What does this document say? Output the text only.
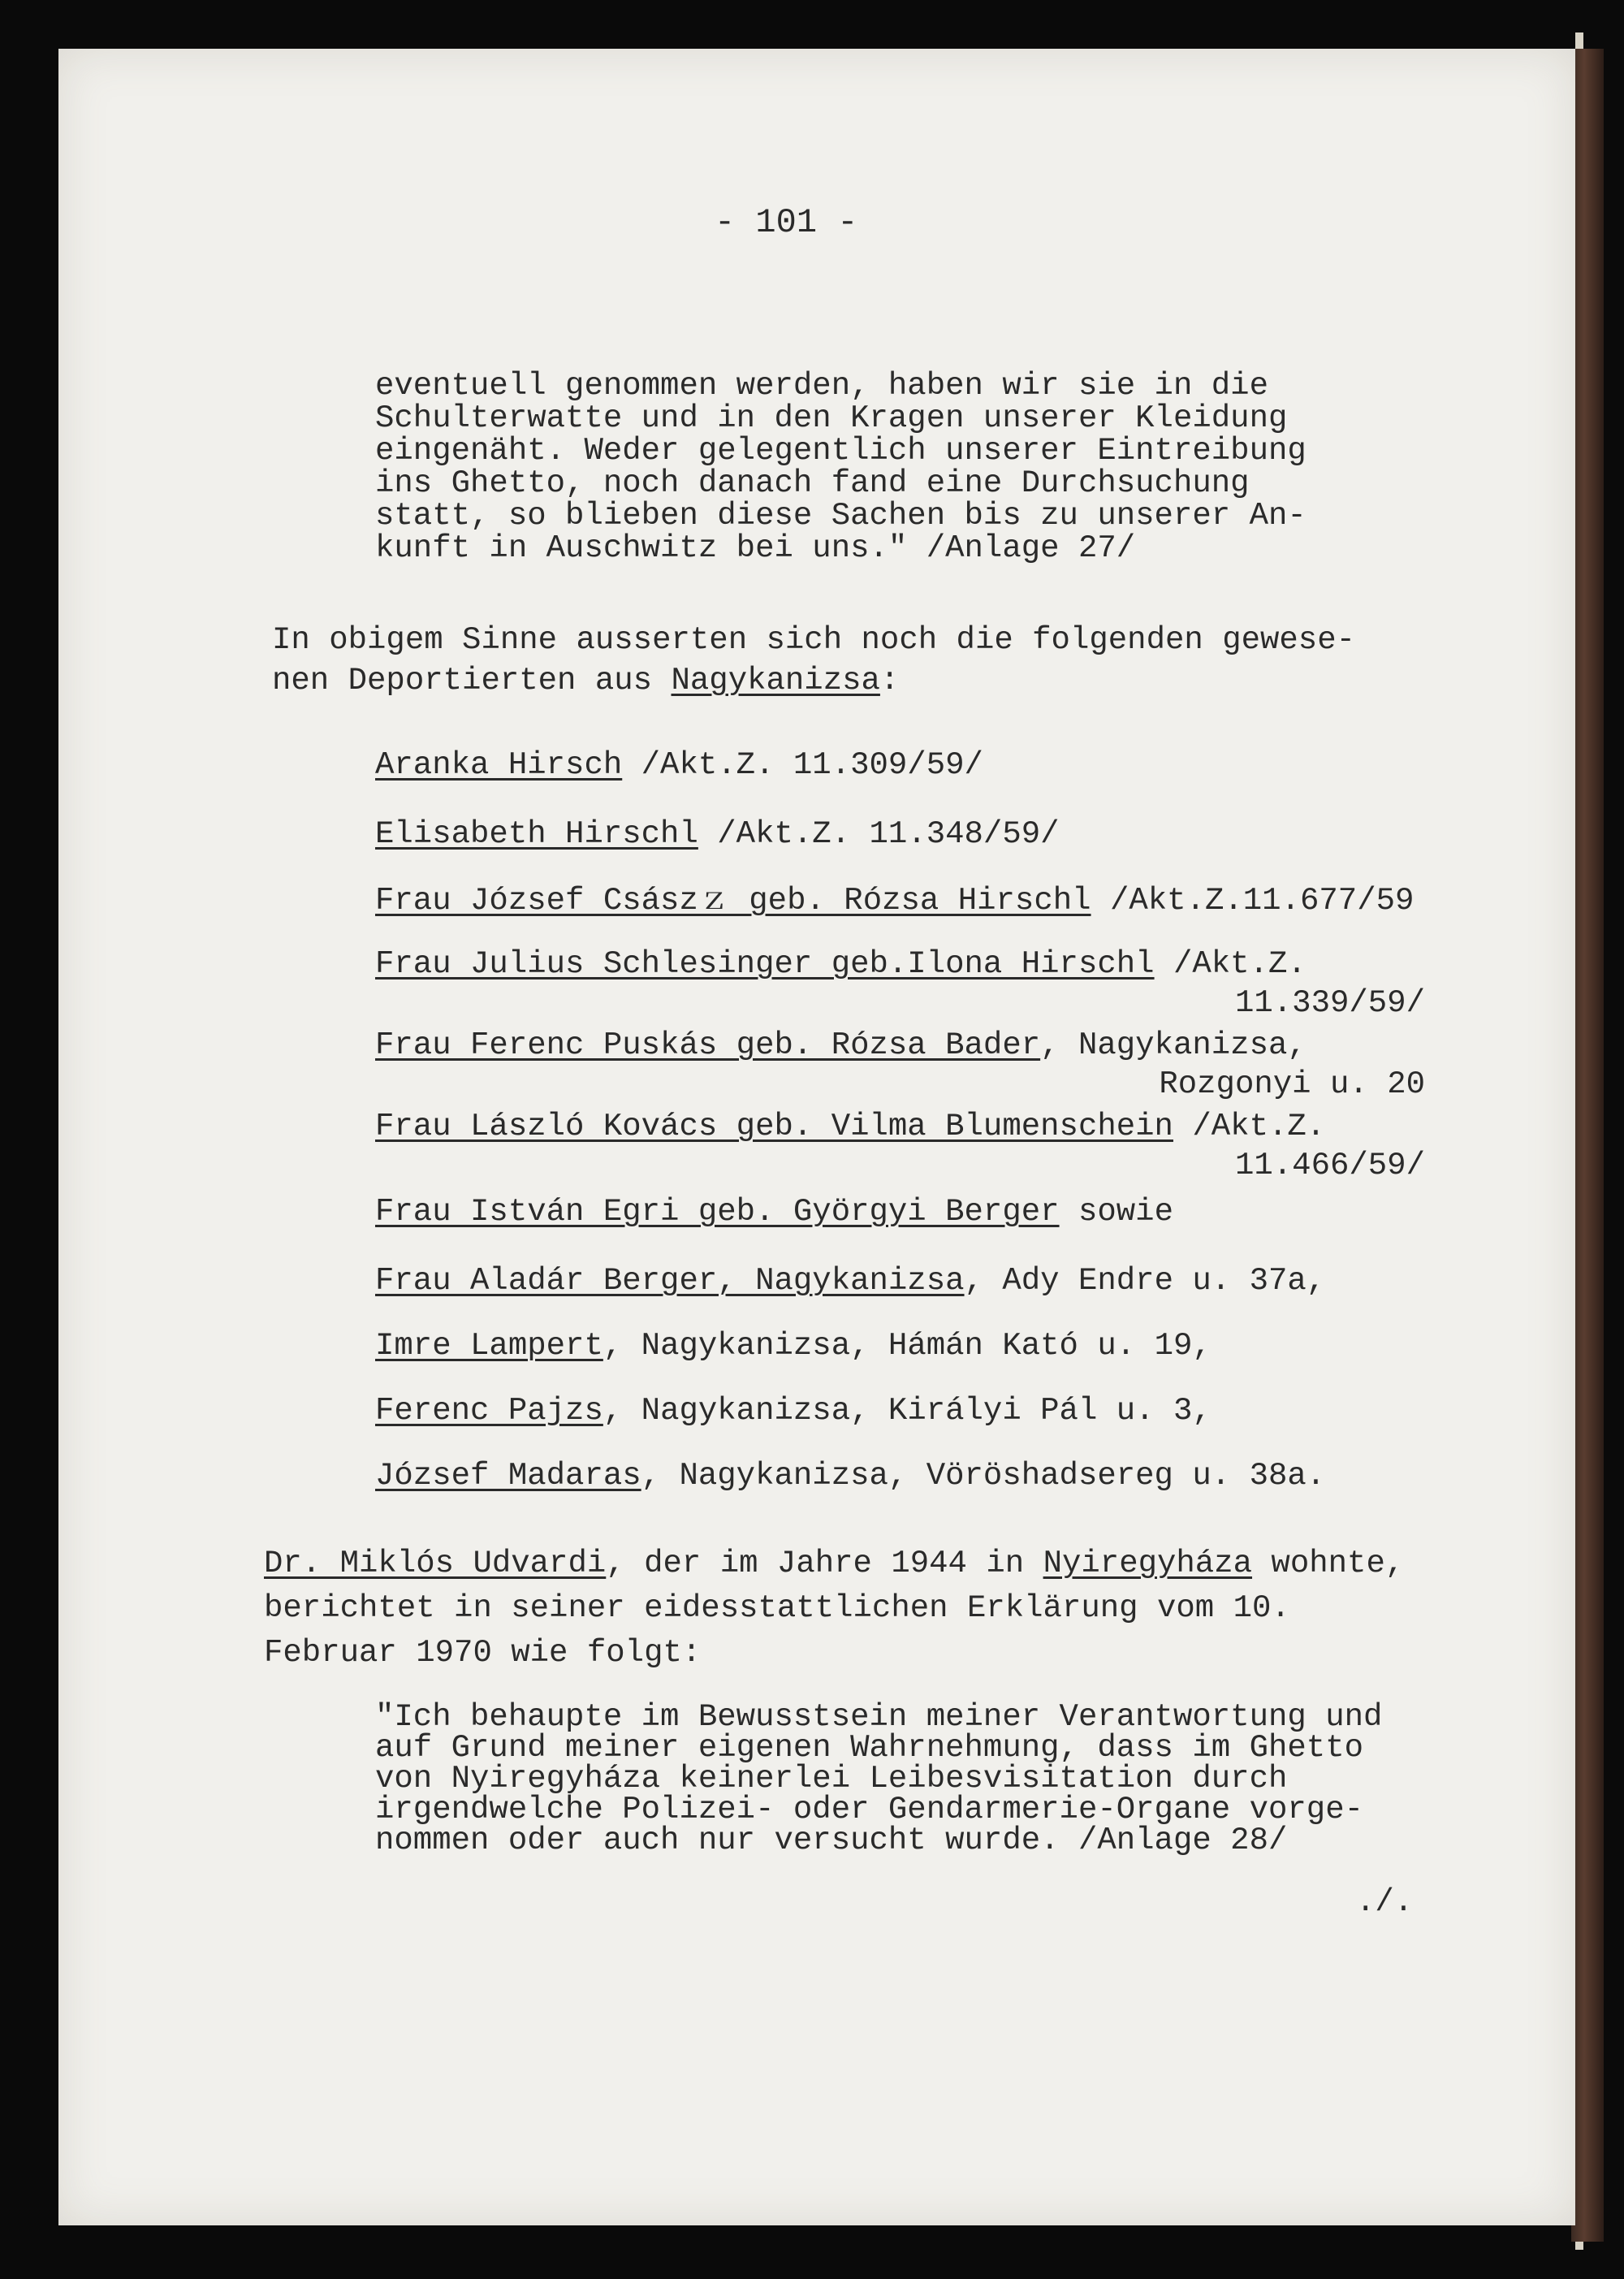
- 101 -

eventuell genommen werden, haben wir sie in die

Schulterwatte und in den Kragen unserer Kleidung

eingenäht. Weder gelegentlich unserer Eintreibung

ins Ghetto, noch danach fand eine Durchsuchung

statt, so blieben diese Sachen bis zu unserer An-

kunft in Auschwitz bei uns." /Anlage 27/

In obigem Sinne ausserten sich noch die folgenden gewese-

nen Deportierten aus Nagykanizsa:

Aranka Hirsch /Akt.Z. 11.309/59/
Elisabeth Hirschl /Akt.Z. 11.348/59/
Frau József Császｚ geb. Rózsa Hirschl /Akt.Z.11.677/59
Frau Julius Schlesinger geb.Ilona Hirschl /Akt.Z.
11.339/59/
Frau Ferenc Puskás geb. Rózsa Bader, Nagykanizsa,
Rozgonyi u. 20
Frau László Kovács geb. Vilma Blumenschein /Akt.Z.
11.466/59/
Frau István Egri geb. Györgyi Berger sowie
Frau Aladár Berger, Nagykanizsa, Ady Endre u. 37a,
Imre Lampert, Nagykanizsa, Hámán Kató u. 19,
Ferenc Pajzs, Nagykanizsa, Királyi Pál u. 3,
József Madaras, Nagykanizsa, Vöröshadsereg u. 38a.

Dr. Miklós Udvardi, der im Jahre 1944 in Nyiregyháza wohnte,

berichtet in seiner eidesstattlichen Erklärung vom 10.

Februar 1970 wie folgt:

"Ich behaupte im Bewusstsein meiner Verantwortung und

auf Grund meiner eigenen Wahrnehmung, dass im Ghetto

von Nyiregyháza keinerlei Leibesvisitation durch

irgendwelche Polizei- oder Gendarmerie-Organe vorge-

nommen oder auch nur versucht wurde. /Anlage 28/

./.
